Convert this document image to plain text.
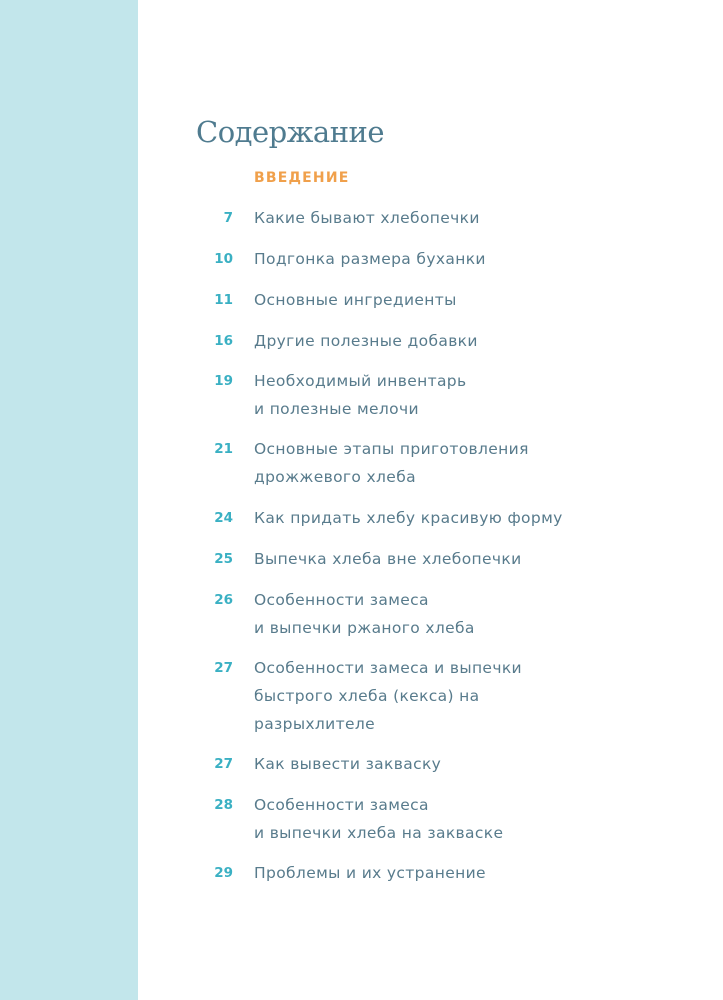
Содержание
ВВЕДЕНИЕ
7 Какие бывают хлебопечки
10 Подгонка размера буханки
11 Основные ингредиенты
16 Другие полезные добавки
19 Необходимый инвентарь
и полезные мелочи
21 Основные этапы приготовления
дрожжевого хлеба
24 Как придать хлебу красивую форму
25 Выпечка хлеба вне хлебопечки
26 Особенности замеса
и выпечки ржаного хлеба
27 Особенности замеса и выпечки
быстрого хлеба (кекса) на
разрыхлителе
27 Как вывести закваску
28 Особенности замеса
и выпечки хлеба на закваске
29 Проблемы и их устранение
